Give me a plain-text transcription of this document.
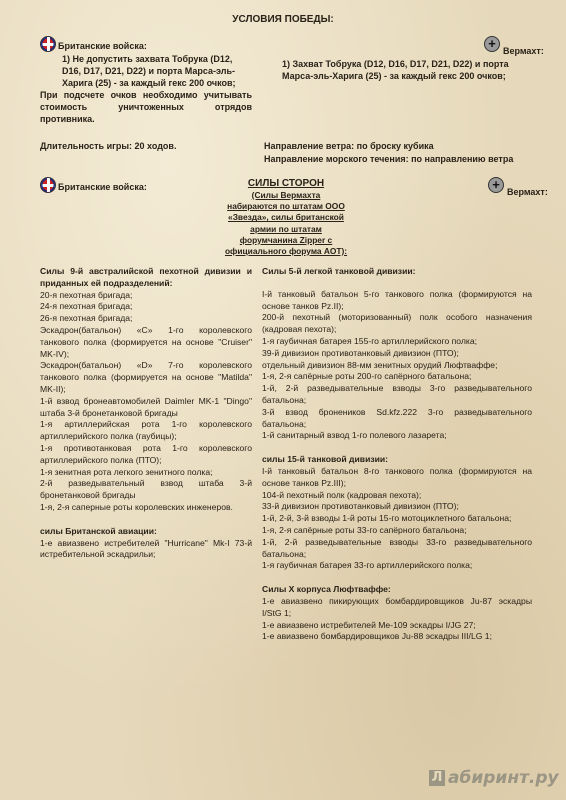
УСЛОВИЯ ПОБЕДЫ:
Британские войска:
1) Не допустить захвата Тобрука (D12, D16, D17, D21, D22) и порта Марса-эль-Харига (25) - за каждый гекс 200 очков;
При подсчете очков необходимо учитывать стоимость уничтоженных отрядов противника.
+ Вермахт:
1) Захват Тобрука (D12, D16, D17, D21, D22) и порта Марса-эль-Харига (25) - за каждый гекс 200 очков;
Длительность игры: 20 ходов.	Направление ветра: по броску кубика
Направление морского течения: по направлению ветра
Британские войска:	СИЛЫ СТОРОН
(Силы Вермахта
набираются по штатам ООО
«Звезда», силы британской
армии по штатам
форумчанина Zipper с
официального форума АОТ):
+ Вермахт:

Силы 9-й австралийской пехотной дивизии и приданных ей подразделений:

20-я пехотная бригада;

24-я пехотная бригада;

26-я пехотная бригада;

Эскадрон(батальон) «C» 1-го королевского танкового полка (формируется на основе "Cruiser" MK-IV);

Эскадрон(батальон) «D» 7-го королевского танкового полка (формируется на основе "Matilda" MK-II);

1-й взвод бронеавтомобилей Daimler MK-1 "Dingo" штаба 3-й бронетанковой бригады

1-я артиллерийская рота 1-го королевского артиллерийского полка (гаубицы);

1-я противотанковая рота 1-го королевского артиллерийского полка (ПТО);

1-я зенитная рота легкого зенитного полка;

2-й разведывательный взвод штаба 3-й бронетанковой бригады

1-я, 2-я саперные роты королевских инженеров.

силы Британской авиации:

1-е авиазвено истребителей "Hurricane" Mk-I 73-й истребительной эскадрильи;

Силы 5-й легкой танковой дивизии:

I-й танковый батальон 5-го танкового полка (формируются на основе танков Pz.II);

200-й пехотный (моторизованный) полк особого назначения (кадровая пехота);

1-я гаубичная батарея 155-го артиллерийского полка;

39-й дивизион противотанковый дивизион (ПТО);

отдельный дивизион 88-мм зенитных орудий Люфтваффе;

1-я, 2-я сапёрные роты 200-го сапёрного батальона;

1-й, 2-й разведывательные взводы 3-го разведывательного батальона;

3-й взвод бронеников Sd.kfz.222 3-го разведывательного батальона;

1-й санитарный взвод 1-го полевого лазарета;

силы 15-й танковой дивизии:

I-й танковый батальон 8-го танкового полка (формируются на основе танков Pz.III);

104-й пехотный полк (кадровая пехота);

33-й дивизион противотанковый дивизион (ПТО);

1-й, 2-й, 3-й взводы 1-й роты 15-го мотоциклетного батальона;

1-я, 2-я сапёрные роты 33-го сапёрного батальона;

1-й, 2-й разведывательные взводы 33-го разведывательного батальона;

1-я гаубичная батарея 33-го артиллерийского полка;

Силы X корпуса Люфтваффе:

1-е авиазвено пикирующих бомбардировщиков Ju-87 эскадры I/StG 1;

1-е авиазвено истребителей Me-109 эскадры I/JG 27;

1-е авиазвено бомбардировщиков Ju-88 эскадры III/LG 1;

Л абиринт.ру
